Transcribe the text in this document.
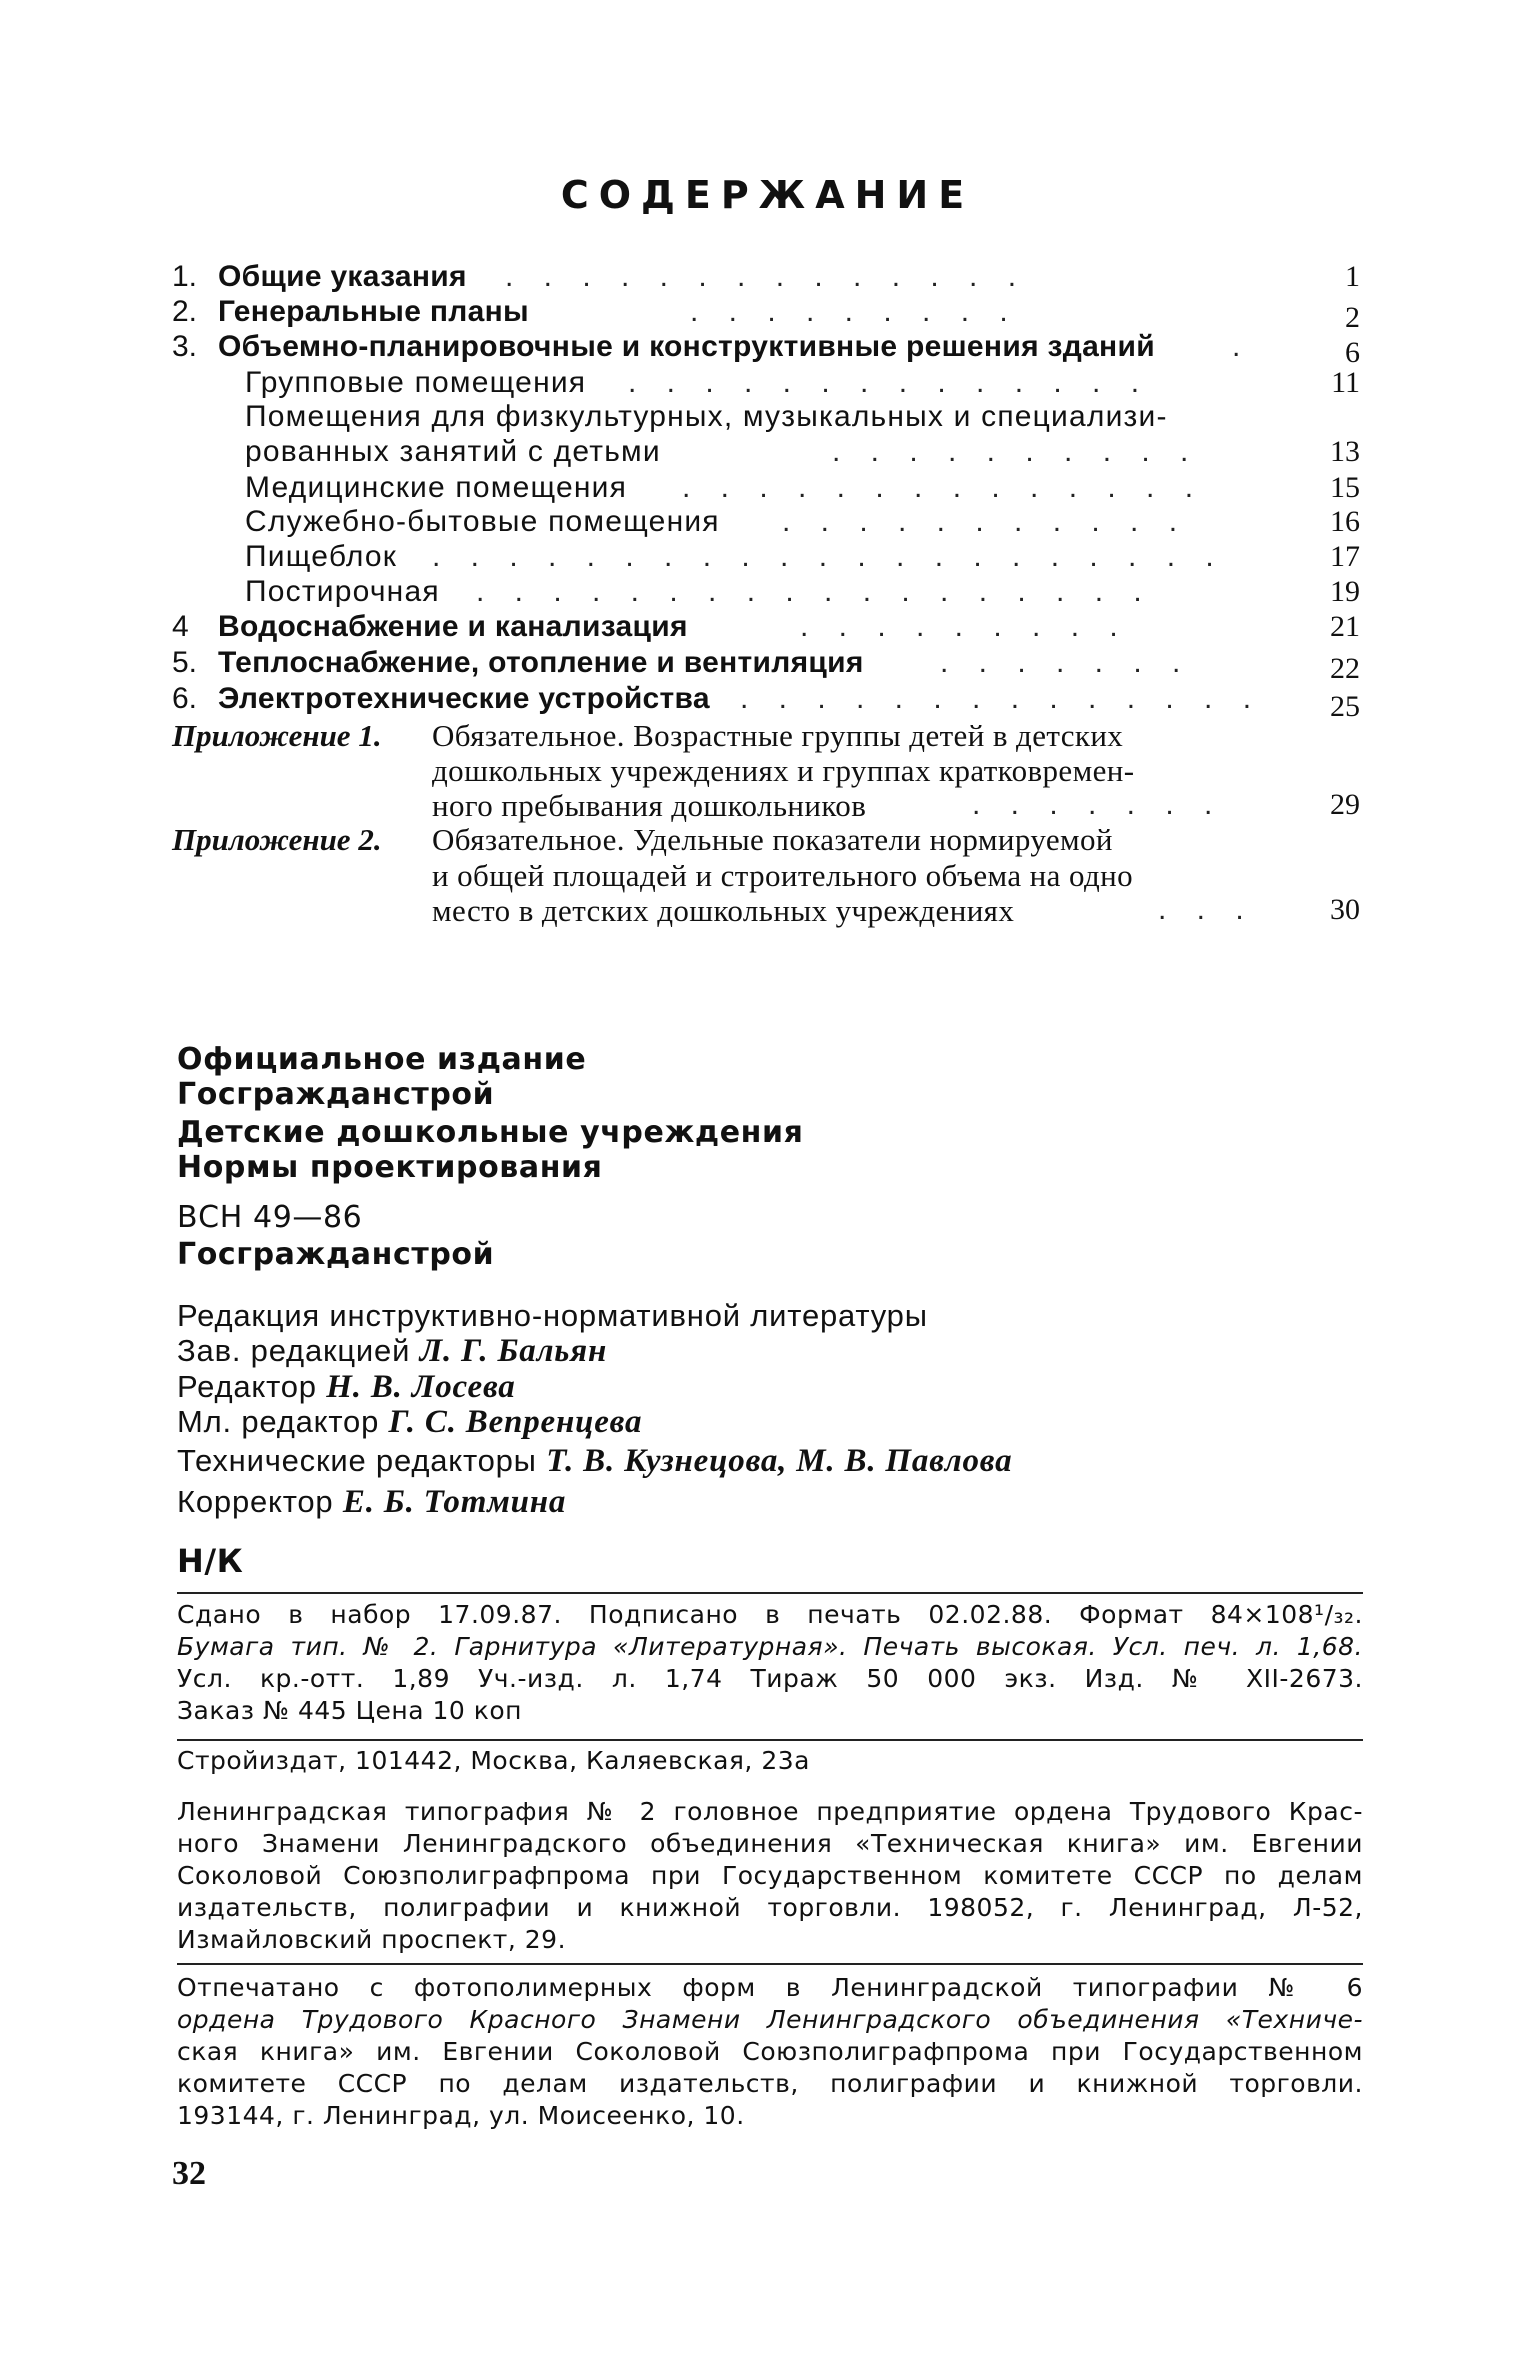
СОДЕРЖАНИЕ
1. Общие указания . . . . . . . . . . . . . .	1
2. Генеральные планы	. . . . . . . . .	2
3. Объемно-планировочные и конструктивные решения зданий	.	6
Групповые помещения . . . . . . . . . . . . . .	11
Помещения для физкультурных, музыкальных и специализи-
рованных занятий с детьми	. . . . . . . . . .	13
Медицинские помещения . . . . . . . . . . . . . .	15
Служебно-бытовые помещения . . . . . . . . . . .	16
Пищеблок . . . . . . . . . . . . . . . . . . . . .	17
Постирочная . . . . . . . . . . . . . . . . . .	19
4 Водоснабжение и канализация	. . . . . . . . .	21
5. Теплоснабжение, отопление и вентиляция	. . . . . . .	22
6. Электротехнические устройства . . . . . . . . . . . . . .	25
Приложение 1. Обязательное. Возрастные группы детей в детских
дошкольных учреждениях и группах кратковремен-
ного пребывания дошкольников	. . . . . . .	29
Приложение 2. Обязательное. Удельные показатели нормируемой
и общей площадей и строительного объема на одно
место в детских дошкольных учреждениях	. . .	30
Официальное издание
Госгражданстрой
Детские дошкольные учреждения
Нормы проектирования
ВСН 49—86
Госгражданстрой
Редакция инструктивно-нормативной литературы
Зав. редакцией Л. Г. Бальян
Редактор Н. В. Лосева
Мл. редактор Г. С. Вепренцева
Технические редакторы Т. В. Кузнецова, М. В. Павлова
Корректор Е. Б. Тотмина
Н/К
Сдано в набор 17.09.87. Подписано в печать 02.02.88. Формат 84×108¹/₃₂.
Бумага тип. № 2. Гарнитура «Литературная». Печать высокая. Усл. печ. л. 1,68.
Усл. кр.-отт. 1,89 Уч.-изд. л. 1,74 Тираж 50 000 экз. Изд. № XII-2673.
Заказ № 445 Цена 10 коп
Стройиздат, 101442, Москва, Каляевская, 23а
Ленинградская типография № 2 головное предприятие ордена Трудового Крас-
ного Знамени Ленинградского объединения «Техническая книга» им. Евгении
Соколовой Союзполиграфпрома при Государственном комитете СССР по делам
издательств, полиграфии и книжной торговли. 198052, г. Ленинград, Л-52,
Измайловский проспект, 29.
Отпечатано с фотополимерных форм в Ленинградской типографии № 6
ордена Трудового Красного Знамени Ленинградского объединения «Техниче-
ская книга» им. Евгении Соколовой Союзполиграфпрома при Государственном
комитете СССР по делам издательств, полиграфии и книжной торговли.
193144, г. Ленинград, ул. Моисеенко, 10.
32
